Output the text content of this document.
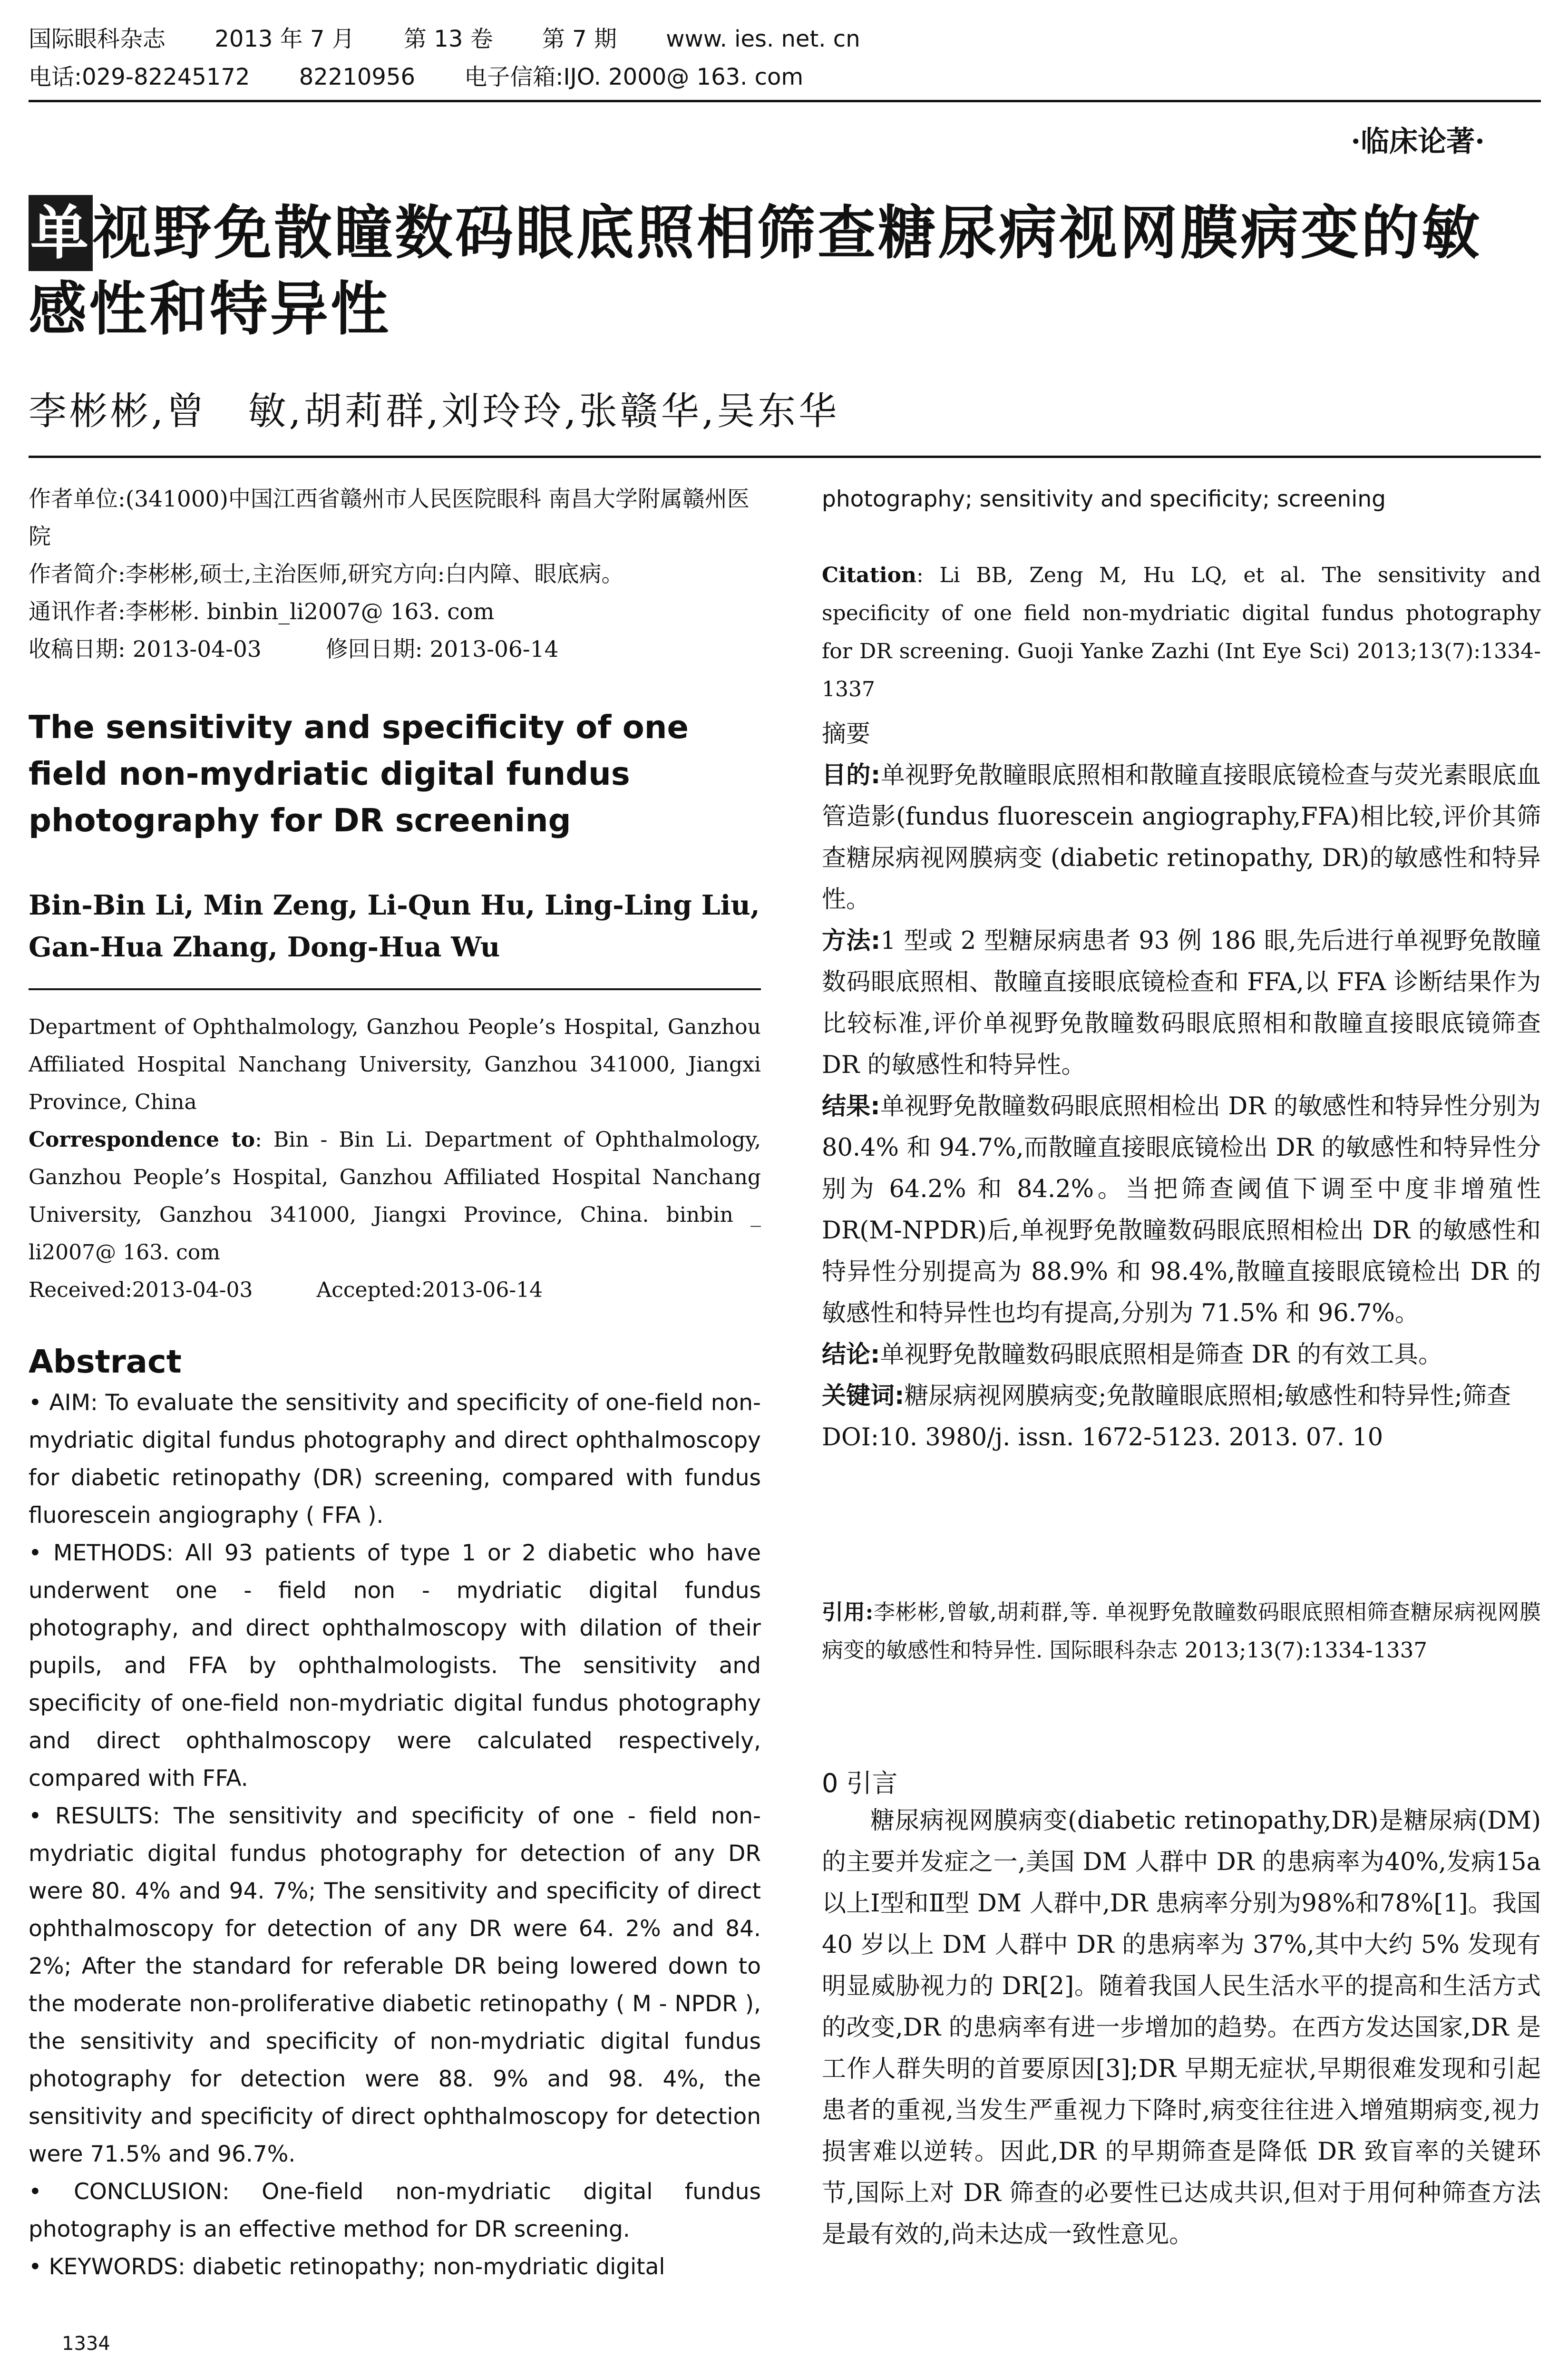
国际眼科杂志 2013 年 7 月 第 13 卷 第 7 期 www. ies. net. cn
电话:029-82245172 82210956 电子信箱:IJO. 2000@ 163. com
·临床论著·
单视野免散瞳数码眼底照相筛查糖尿病视网膜病变的敏感性和特异性
李彬彬,曾　敏,胡莉群,刘玲玲,张赣华,吴东华

作者单位:(341000)中国江西省赣州市人民医院眼科 南昌大学附属赣州医院

作者简介:李彬彬,硕士,主治医师,研究方向:白内障、眼底病。

通讯作者:李彬彬. binbin_li2007@ 163. com

收稿日期: 2013-04-03	修回日期: 2013-06-14

The sensitivity and specificity of one field non-mydriatic digital fundus photography for DR screening
Bin-Bin Li, Min Zeng, Li-Qun Hu, Ling-Ling Liu, Gan-Hua Zhang, Dong-Hua Wu

Department of Ophthalmology, Ganzhou People’s Hospital, Ganzhou Affiliated Hospital Nanchang University, Ganzhou 341000, Jiangxi Province, China

Correspondence to: Bin - Bin Li. Department of Ophthalmology, Ganzhou People’s Hospital, Ganzhou Affiliated Hospital Nanchang University, Ganzhou 341000, Jiangxi Province, China. binbin _ li2007@ 163. com

Received:2013-04-03	Accepted:2013-06-14

Abstract

• AIM: To evaluate the sensitivity and specificity of one-field non-mydriatic digital fundus photography and direct ophthalmoscopy for diabetic retinopathy (DR) screening, compared with fundus fluorescein angiography ( FFA ).

• METHODS: All 93 patients of type 1 or 2 diabetic who have underwent one - field non - mydriatic digital fundus photography, and direct ophthalmoscopy with dilation of their pupils, and FFA by ophthalmologists. The sensitivity and specificity of one-field non-mydriatic digital fundus photography and direct ophthalmoscopy were calculated respectively, compared with FFA.

• RESULTS: The sensitivity and specificity of one - field non-mydriatic digital fundus photography for detection of any DR were 80. 4% and 94. 7%; The sensitivity and specificity of direct ophthalmoscopy for detection of any DR were 64. 2% and 84. 2%; After the standard for referable DR being lowered down to the moderate non-proliferative diabetic retinopathy ( M - NPDR ), the sensitivity and specificity of non-mydriatic digital fundus photography for detection were 88. 9% and 98. 4%, the sensitivity and specificity of direct ophthalmoscopy for detection were 71.5% and 96.7%.

• CONCLUSION: One-field non-mydriatic digital fundus photography is an effective method for DR screening.

• KEYWORDS: diabetic retinopathy; non-mydriatic digital

1334
photography; sensitivity and specificity; screening

Citation: Li BB, Zeng M, Hu LQ, et al. The sensitivity and specificity of one field non-mydriatic digital fundus photography for DR screening. Guoji Yanke Zazhi (Int Eye Sci) 2013;13(7):1334-1337

摘要

目的:单视野免散瞳眼底照相和散瞳直接眼底镜检查与荧光素眼底血管造影(fundus fluorescein angiography,FFA)相比较,评价其筛查糖尿病视网膜病变 (diabetic retinopathy, DR)的敏感性和特异性。

方法:1 型或 2 型糖尿病患者 93 例 186 眼,先后进行单视野免散瞳数码眼底照相、散瞳直接眼底镜检查和 FFA,以 FFA 诊断结果作为比较标准,评价单视野免散瞳数码眼底照相和散瞳直接眼底镜筛查 DR 的敏感性和特异性。

结果:单视野免散瞳数码眼底照相检出 DR 的敏感性和特异性分别为 80.4% 和 94.7%,而散瞳直接眼底镜检出 DR 的敏感性和特异性分别为 64.2% 和 84.2%。当把筛查阈值下调至中度非增殖性 DR(M-NPDR)后,单视野免散瞳数码眼底照相检出 DR 的敏感性和特异性分别提高为 88.9% 和 98.4%,散瞳直接眼底镜检出 DR 的敏感性和特异性也均有提高,分别为 71.5% 和 96.7%。

结论:单视野免散瞳数码眼底照相是筛查 DR 的有效工具。

关键词:糖尿病视网膜病变;免散瞳眼底照相;敏感性和特异性;筛查

DOI:10. 3980/j. issn. 1672-5123. 2013. 07. 10

引用:李彬彬,曾敏,胡莉群,等. 单视野免散瞳数码眼底照相筛查糖尿病视网膜病变的敏感性和特异性. 国际眼科杂志 2013;13(7):1334-1337

0 引言

糖尿病视网膜病变(diabetic retinopathy,DR)是糖尿病(DM)的主要并发症之一,美国 DM 人群中 DR 的患病率为40%,发病15a 以上Ⅰ型和Ⅱ型 DM 人群中,DR 患病率分别为98%和78%[1]。我国 40 岁以上 DM 人群中 DR 的患病率为 37%,其中大约 5% 发现有明显威胁视力的 DR[2]。随着我国人民生活水平的提高和生活方式的改变,DR 的患病率有进一步增加的趋势。在西方发达国家,DR 是工作人群失明的首要原因[3];DR 早期无症状,早期很难发现和引起患者的重视,当发生严重视力下降时,病变往往进入增殖期病变,视力损害难以逆转。因此,DR 的早期筛查是降低 DR 致盲率的关键环节,国际上对 DR 筛查的必要性已达成共识,但对于用何种筛查方法是最有效的,尚未达成一致性意见。
